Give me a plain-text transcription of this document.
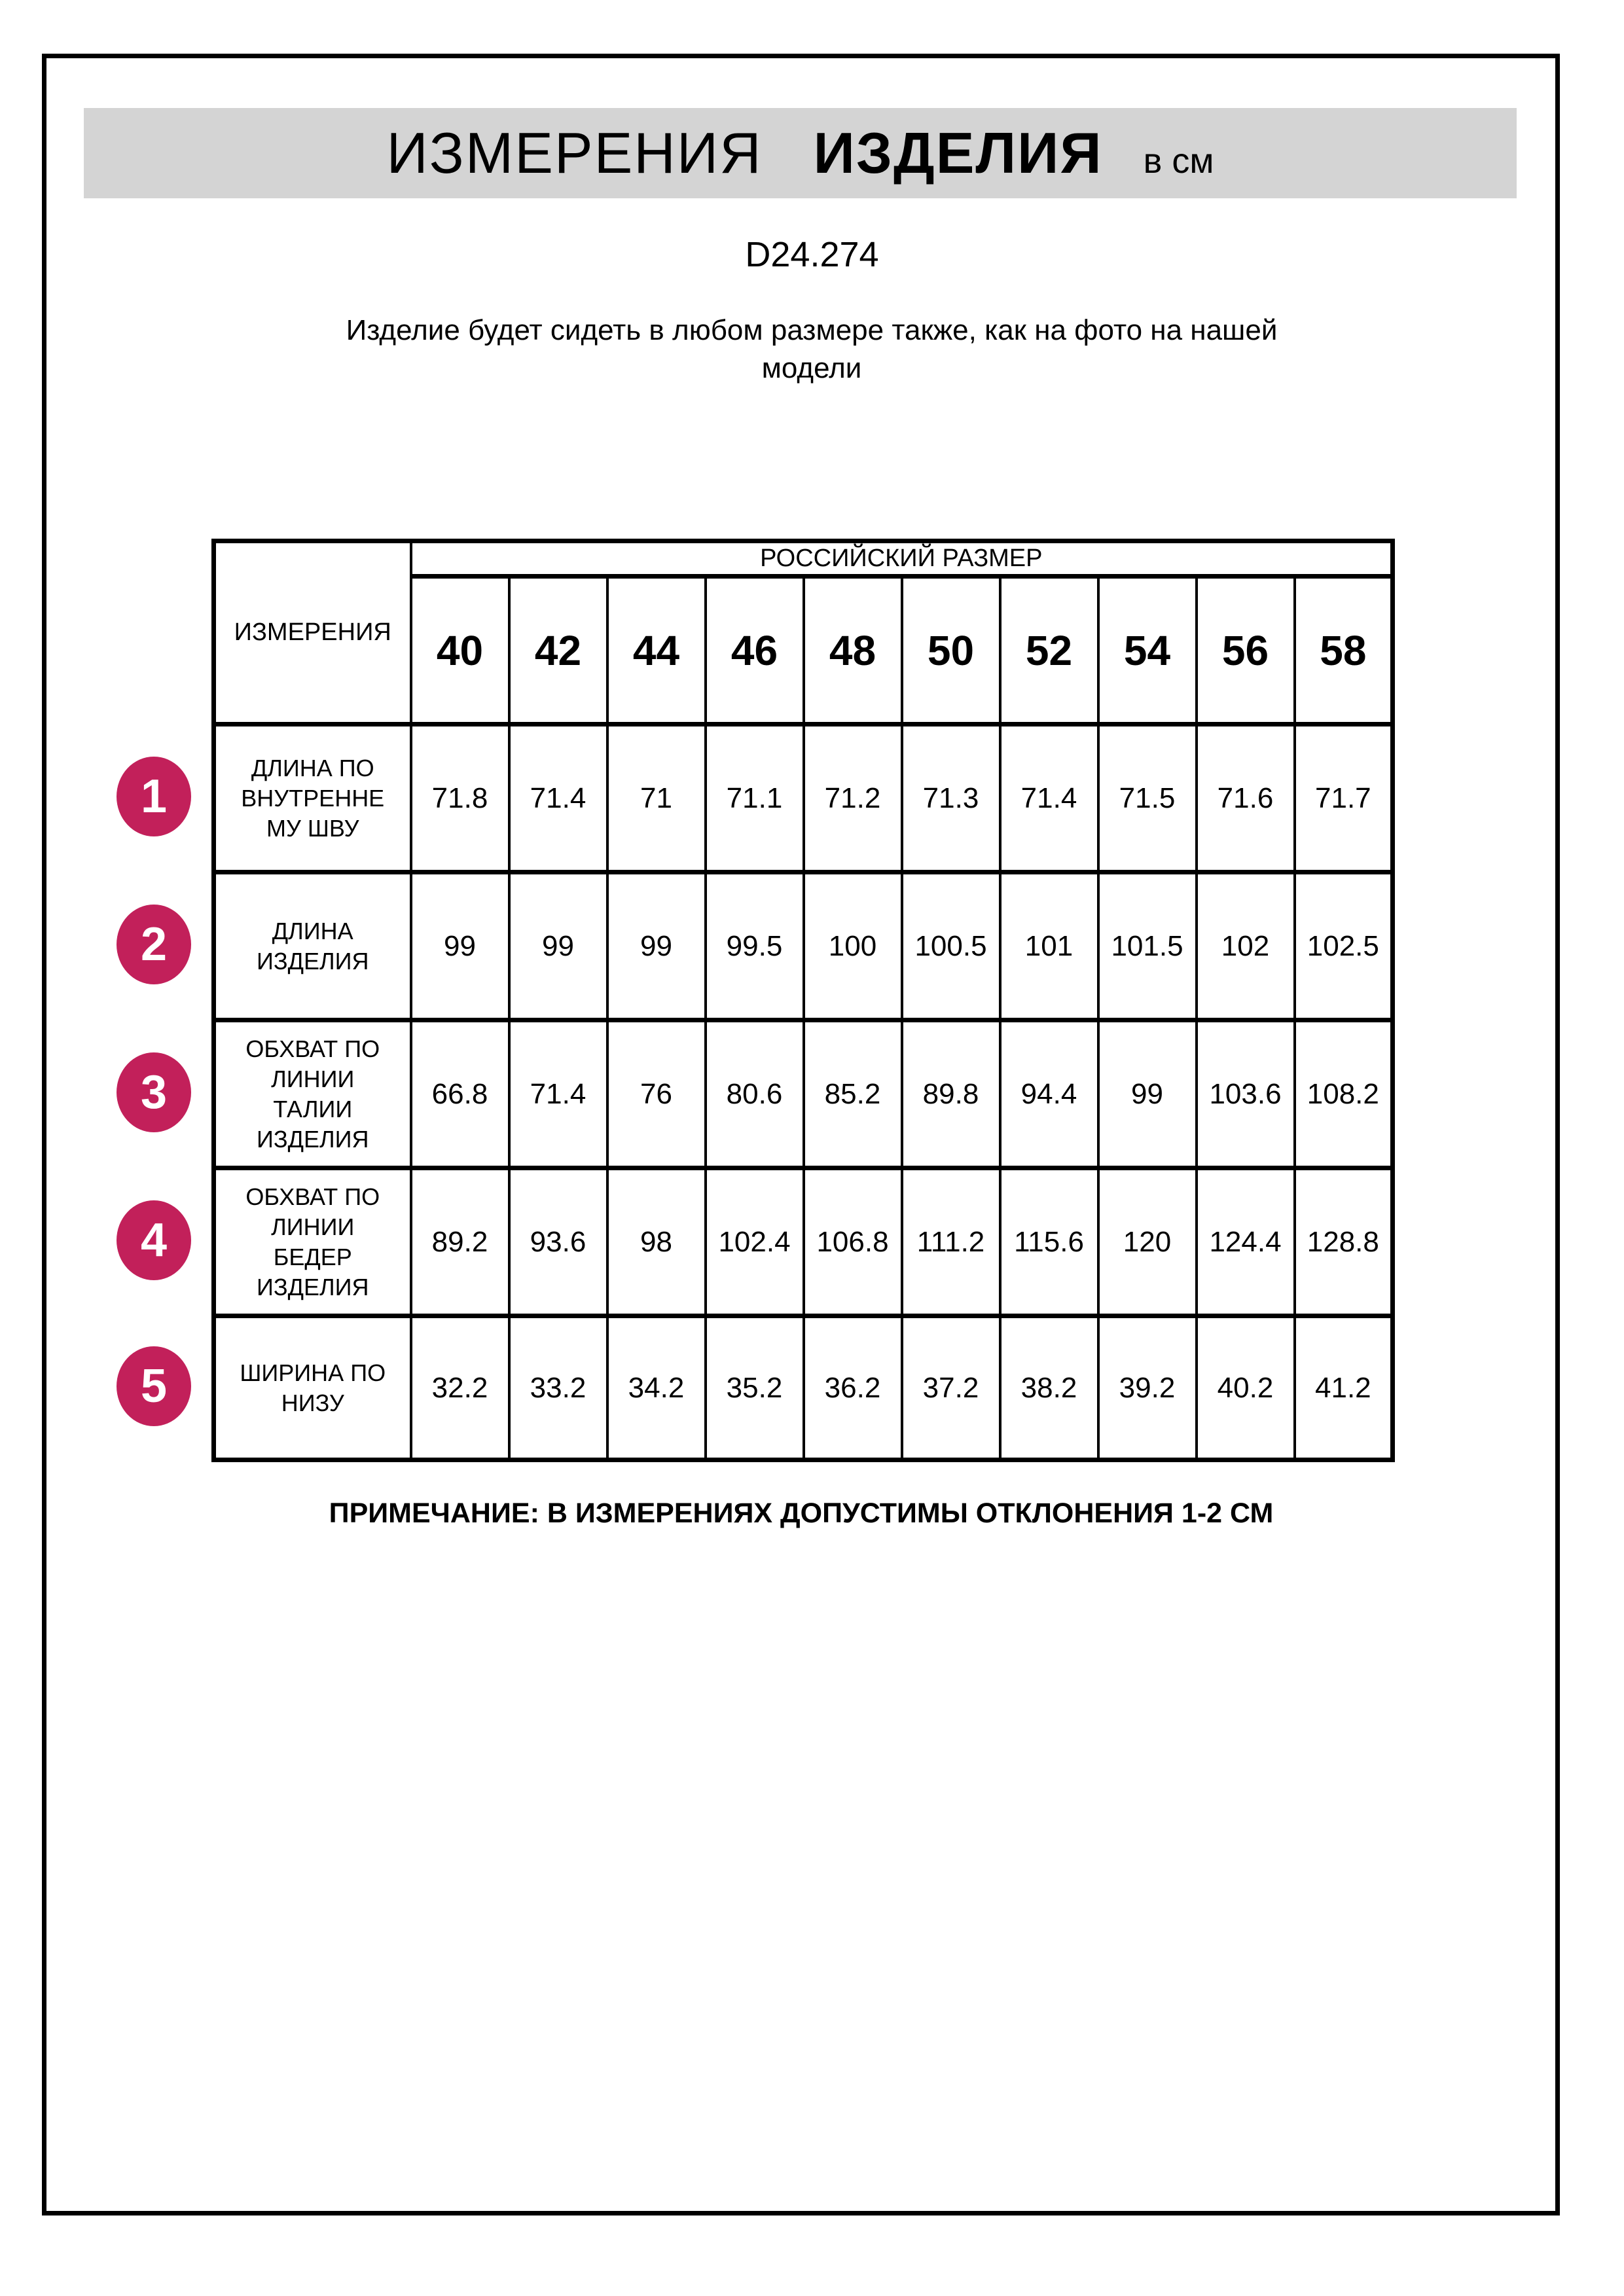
ИЗМЕРЕНИЯ ИЗДЕЛИЯ в см
D24.274
Изделие будет сидеть в любом размере также, как на фото на нашей
модели
ИЗМЕРЕНИЯ	РОССИЙСКИЙ РАЗМЕР									
	40	42	44	46	48	50	52	54	56	58
ДЛИНА ПО
ВНУТРЕННЕ
МУ ШВУ	71.8	71.4	71	71.1	71.2	71.3	71.4	71.5	71.6	71.7
ДЛИНА
ИЗДЕЛИЯ	99	99	99	99.5	100	100.5	101	101.5	102	102.5
ОБХВАТ ПО
ЛИНИИ
ТАЛИИ
ИЗДЕЛИЯ	66.8	71.4	76	80.6	85.2	89.8	94.4	99	103.6	108.2
ОБХВАТ ПО
ЛИНИИ
БЕДЕР
ИЗДЕЛИЯ	89.2	93.6	98	102.4	106.8	111.2	115.6	120	124.4	128.8
ШИРИНА ПО
НИЗУ	32.2	33.2	34.2	35.2	36.2	37.2	38.2	39.2	40.2	41.2
1
2
3
4
5
ПРИМЕЧАНИЕ: В ИЗМЕРЕНИЯХ ДОПУСТИМЫ ОТКЛОНЕНИЯ 1-2 СМ
